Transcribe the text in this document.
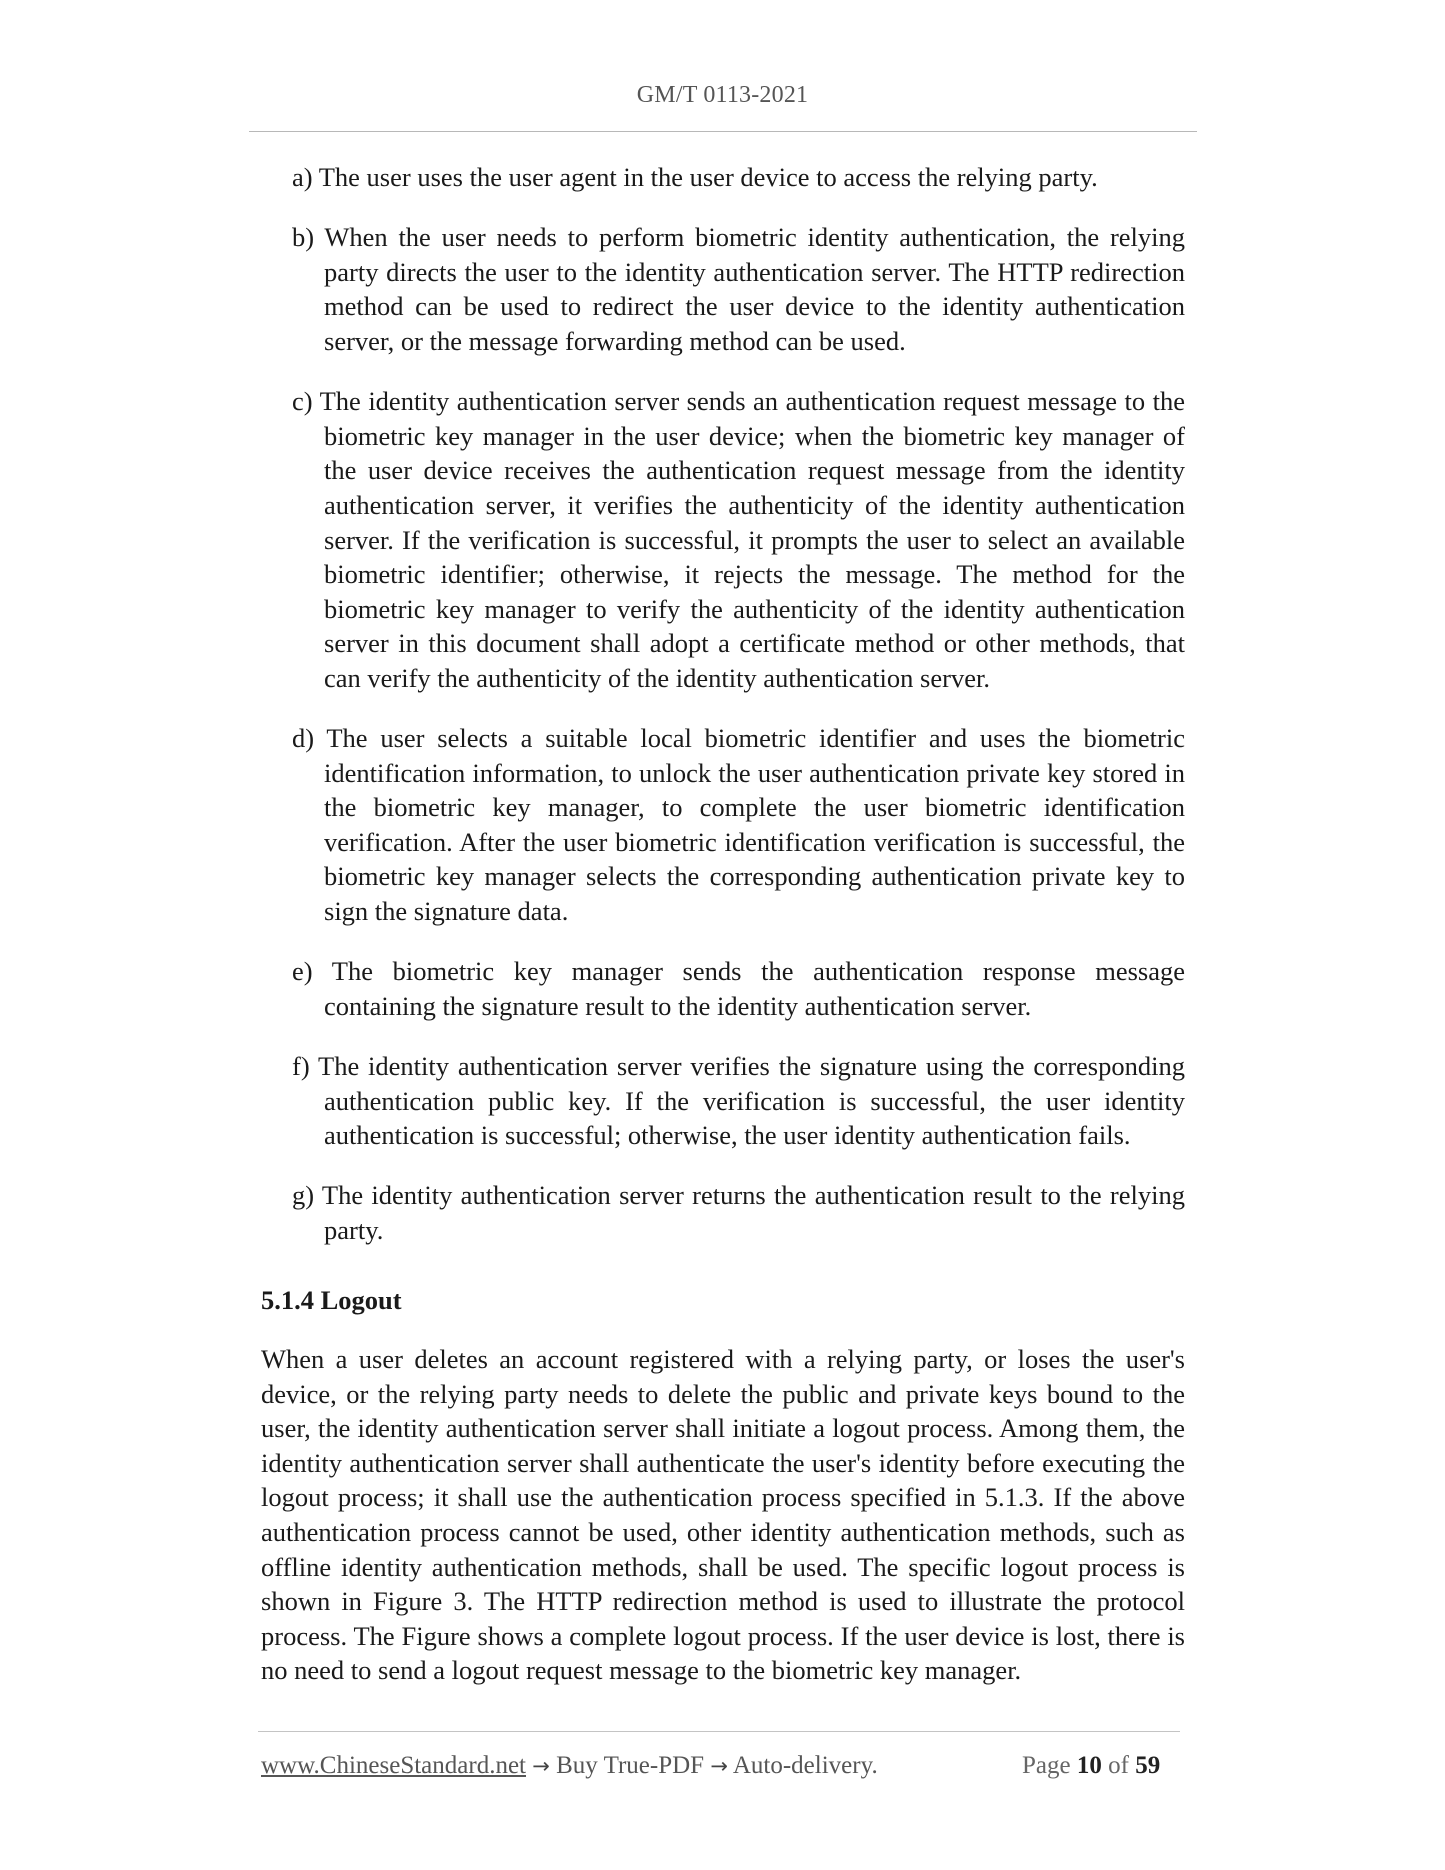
GM/T 0113-2021
a) The user uses the user agent in the user device to access the relying party.
b) When the user needs to perform biometric identity authentication, the relying party directs the user to the identity authentication server. The HTTP redirection method can be used to redirect the user device to the identity authentication server, or the message forwarding method can be used.
c) The identity authentication server sends an authentication request message to the biometric key manager in the user device; when the biometric key manager of the user device receives the authentication request message from the identity authentication server, it verifies the authenticity of the identity authentication server. If the verification is successful, it prompts the user to select an available biometric identifier; otherwise, it rejects the message. The method for the biometric key manager to verify the authenticity of the identity authentication server in this document shall adopt a certificate method or other methods, that can verify the authenticity of the identity authentication server.
d) The user selects a suitable local biometric identifier and uses the biometric identification information, to unlock the user authentication private key stored in the biometric key manager, to complete the user biometric identification verification. After the user biometric identification verification is successful, the biometric key manager selects the corresponding authentication private key to sign the signature data.
e) The biometric key manager sends the authentication response message containing the signature result to the identity authentication server.
f) The identity authentication server verifies the signature using the corresponding authentication public key. If the verification is successful, the user identity authentication is successful; otherwise, the user identity authentication fails.
g) The identity authentication server returns the authentication result to the relying party.
5.1.4 Logout

When a user deletes an account registered with a relying party, or loses the user's device, or the relying party needs to delete the public and private keys bound to the user, the identity authentication server shall initiate a logout process. Among them, the identity authentication server shall authenticate the user's identity before executing the logout process; it shall use the authentication process specified in 5.1.3. If the above authentication process cannot be used, other identity authentication methods, such as offline identity authentication methods, shall be used. The specific logout process is shown in Figure 3. The HTTP redirection method is used to illustrate the protocol process. The Figure shows a complete logout process. If the user device is lost, there is no need to send a logout request message to the biometric key manager.

www.ChineseStandard.net → Buy True-PDF → Auto-delivery.	Page 10 of 59
